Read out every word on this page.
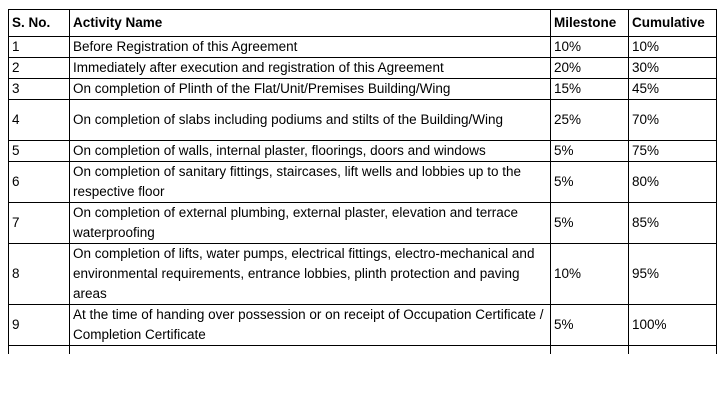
S. No.	Activity Name	Milestone	Cumulative
1	Before Registration of this Agreement	10%	10%
2	Immediately after execution and registration of this Agreement	20%	30%
3	On completion of Plinth of the Flat/Unit/Premises Building/Wing	15%	45%
4	On completion of slabs including podiums and stilts of the Building/Wing	25%	70%
5	On completion of walls, internal plaster, floorings, doors and windows	5%	75%
6	On completion of sanitary fittings, staircases, lift wells and lobbies up to the respective floor	5%	80%
7	On completion of external plumbing, external plaster, elevation and terrace waterproofing	5%	85%
8	On completion of lifts, water pumps, electrical fittings, electro-mechanical and environmental requirements, entrance lobbies, plinth protection and paving areas	10%	95%
9	At the time of handing over possession or on receipt of Occupation Certificate / Completion Certificate	5%	100%
